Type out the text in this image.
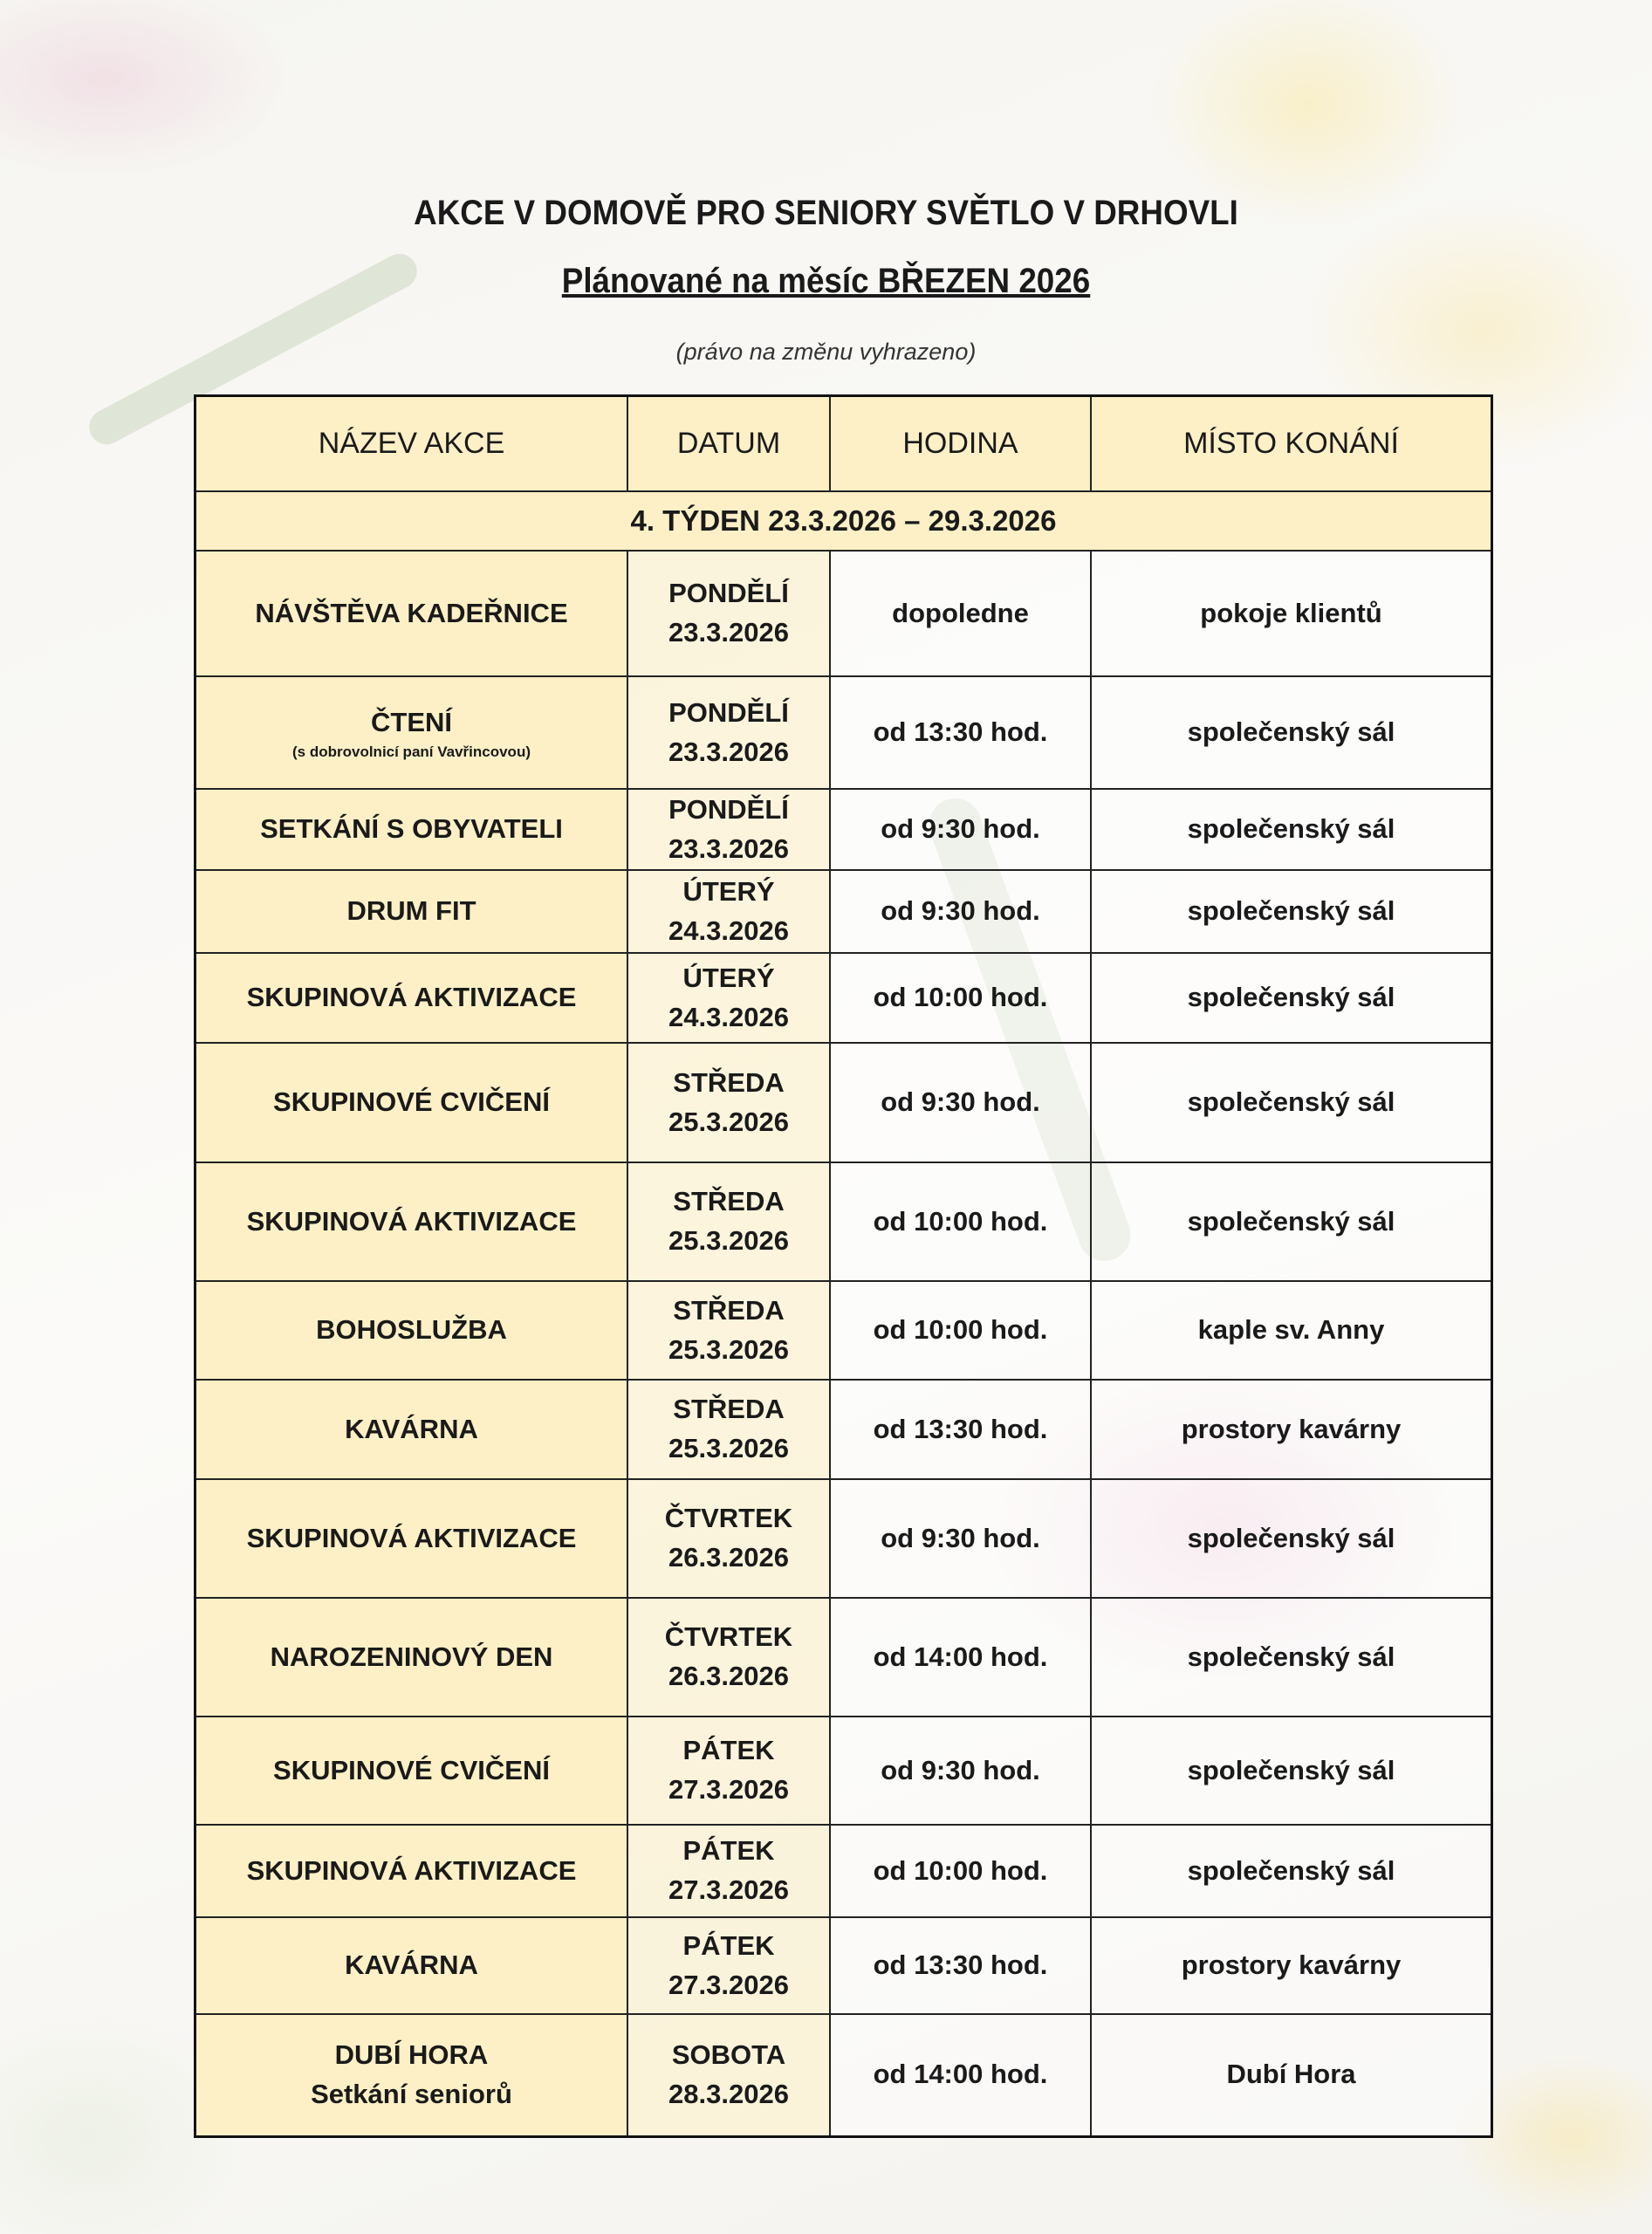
AKCE V DOMOVĚ PRO SENIORY SVĚTLO V DRHOVLI
Plánované na měsíc BŘEZEN 2026
(právo na změnu vyhrazeno)
NÁZEV AKCE	DATUM	HODINA	MÍSTO KONÁNÍ
4. TÝDEN 23.3.2026 – 29.3.2026			
NÁVŠTĚVA KADEŘNICE	PONDĚLÍ
23.3.2026	dopoledne	pokoje klientů
ČTENÍ
(s dobrovolnicí paní Vavřincovou)	PONDĚLÍ
23.3.2026	od 13:30 hod.	společenský sál
SETKÁNÍ S OBYVATELI	PONDĚLÍ
23.3.2026	od 9:30 hod.	společenský sál
DRUM FIT	ÚTERÝ
24.3.2026	od 9:30 hod.	společenský sál
SKUPINOVÁ AKTIVIZACE	ÚTERÝ
24.3.2026	od 10:00 hod.	společenský sál
SKUPINOVÉ CVIČENÍ	STŘEDA
25.3.2026	od 9:30 hod.	společenský sál
SKUPINOVÁ AKTIVIZACE	STŘEDA
25.3.2026	od 10:00 hod.	společenský sál
BOHOSLUŽBA	STŘEDA
25.3.2026	od 10:00 hod.	kaple sv. Anny
KAVÁRNA	STŘEDA
25.3.2026	od 13:30 hod.	prostory kavárny
SKUPINOVÁ AKTIVIZACE	ČTVRTEK
26.3.2026	od 9:30 hod.	společenský sál
NAROZENINOVÝ DEN	ČTVRTEK
26.3.2026	od 14:00 hod.	společenský sál
SKUPINOVÉ CVIČENÍ	PÁTEK
27.3.2026	od 9:30 hod.	společenský sál
SKUPINOVÁ AKTIVIZACE	PÁTEK
27.3.2026	od 10:00 hod.	společenský sál
KAVÁRNA	PÁTEK
27.3.2026	od 13:30 hod.	prostory kavárny
DUBÍ HORA
Setkání seniorů	SOBOTA
28.3.2026	od 14:00 hod.	Dubí Hora
